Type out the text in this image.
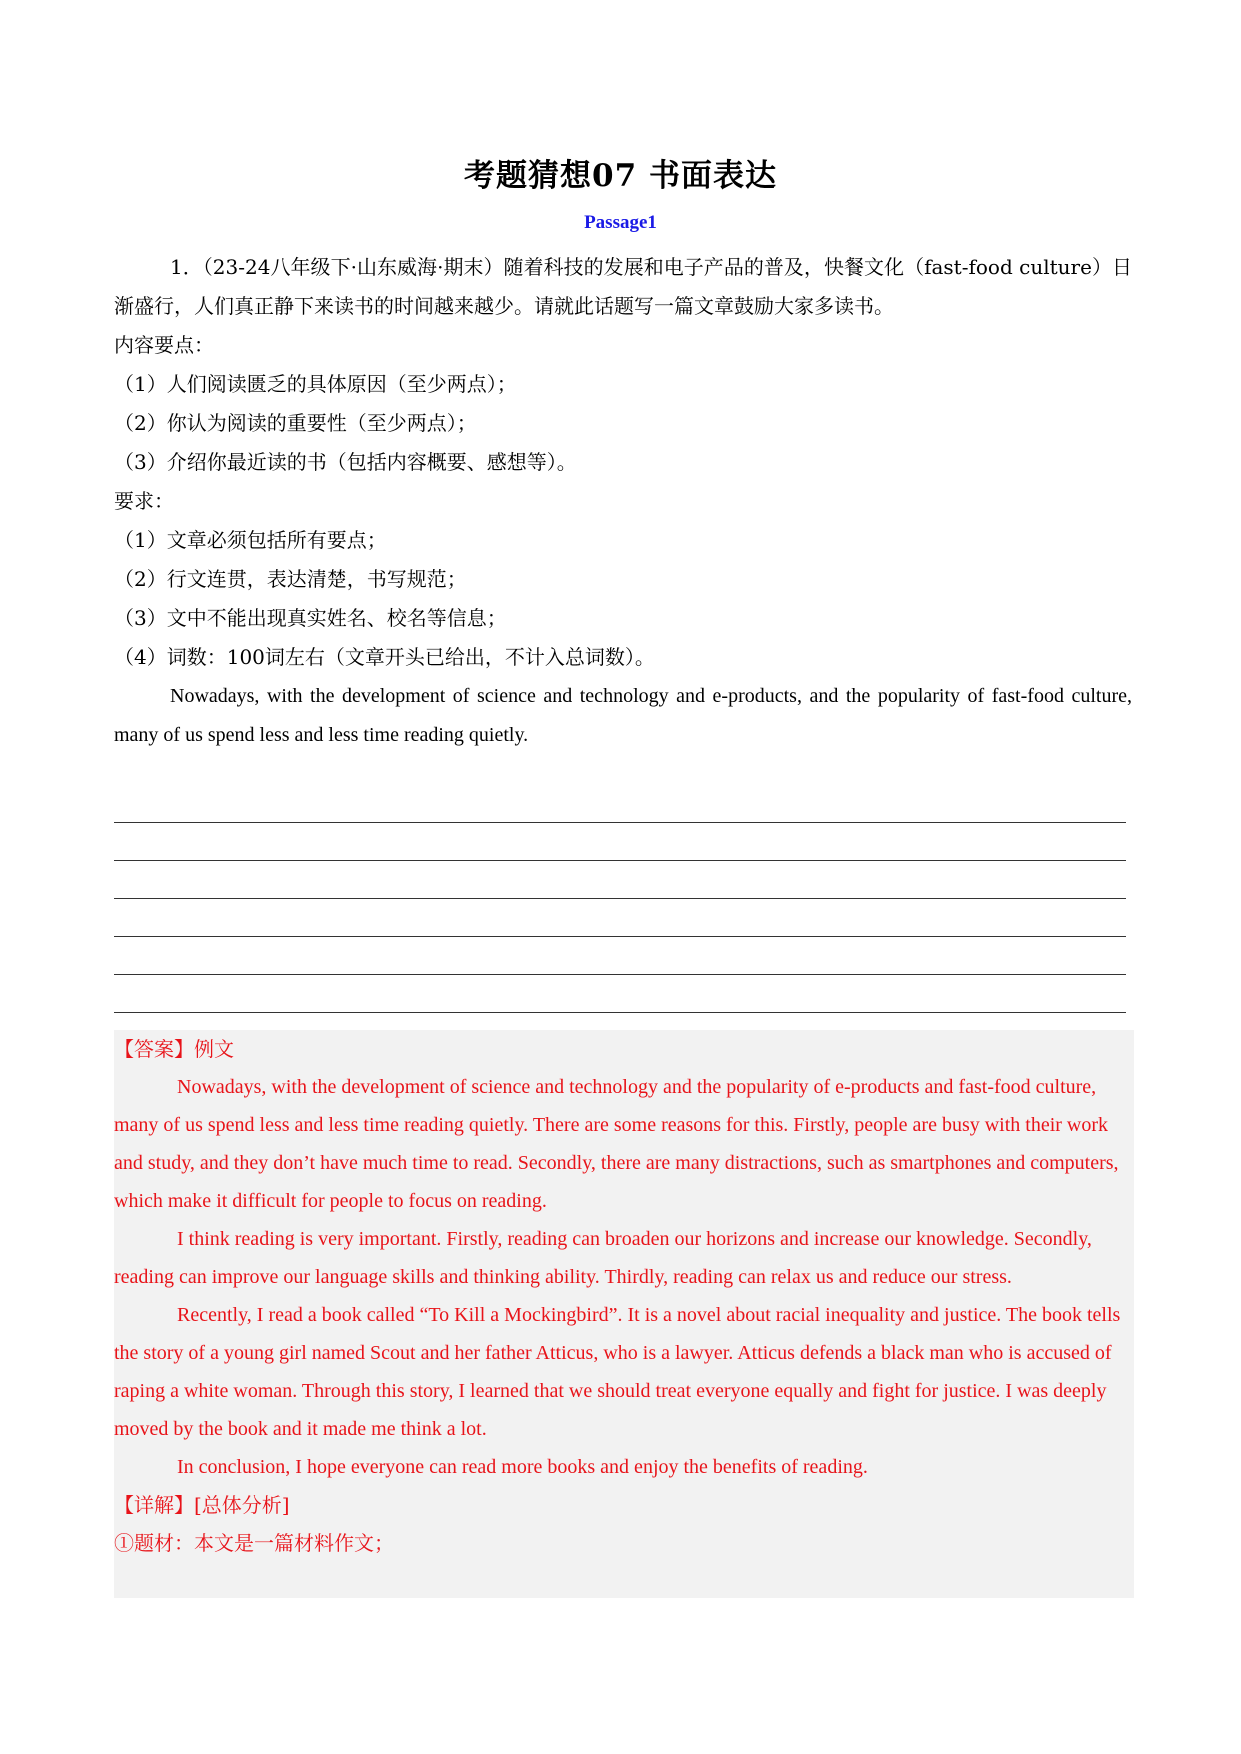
考题猜想07 书面表达
Passage1

1．（23-24八年级下·山东威海·期末）随着科技的发展和电子产品的普及，快餐文化（fast-food culture）日渐盛行，人们真正静下来读书的时间越来越少。请就此话题写一篇文章鼓励大家多读书。

内容要点：

（1）人们阅读匮乏的具体原因（至少两点）；

（2）你认为阅读的重要性（至少两点）；

（3）介绍你最近读的书（包括内容概要、感想等）。

要求：

（1）文章必须包括所有要点；

（2）行文连贯，表达清楚，书写规范；

（3）文中不能出现真实姓名、校名等信息；

（4）词数：100词左右（文章开头已给出，不计入总词数）。

Nowadays, with the development of science and technology and e-products, and the popularity of fast-food culture, many of us spend less and less time reading quietly.

【答案】例文

Nowadays, with the development of science and technology and the popularity of e-products and fast-food culture, many of us spend less and less time reading quietly. There are some reasons for this. Firstly, people are busy with their work and study, and they don’t have much time to read. Secondly, there are many distractions, such as smartphones and computers, which make it difficult for people to focus on reading.

I think reading is very important. Firstly, reading can broaden our horizons and increase our knowledge. Secondly, reading can improve our language skills and thinking ability. Thirdly, reading can relax us and reduce our stress.

Recently, I read a book called “To Kill a Mockingbird”. It is a novel about racial inequality and justice. The book tells the story of a young girl named Scout and her father Atticus, who is a lawyer. Atticus defends a black man who is accused of raping a white woman. Through this story, I learned that we should treat everyone equally and fight for justice. I was deeply moved by the book and it made me think a lot.

In conclusion, I hope everyone can read more books and enjoy the benefits of reading.

【详解】[总体分析]

①题材：本文是一篇材料作文；
